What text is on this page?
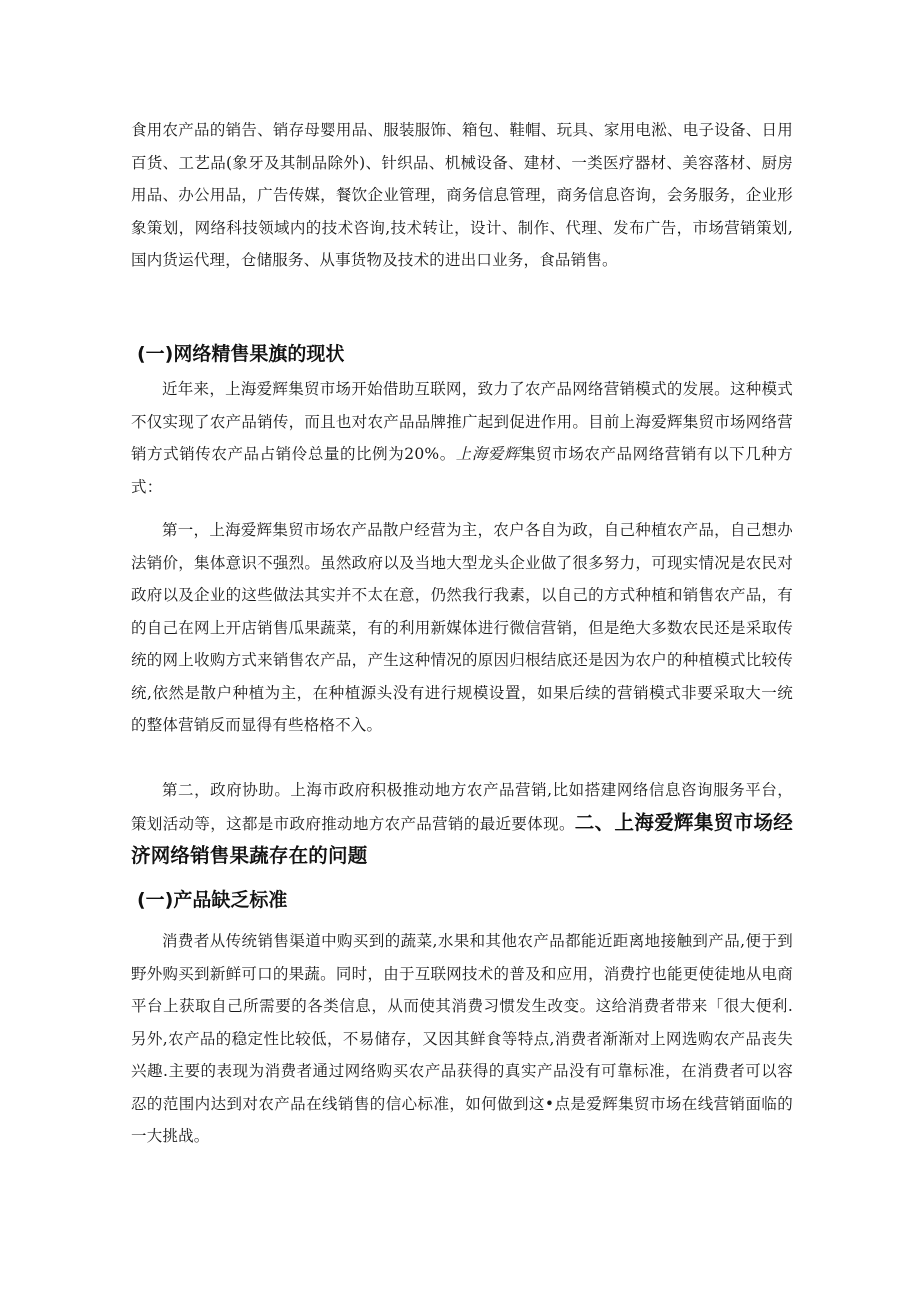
食用农产品的销告、销存母婴用品、服装服饰、箱包、鞋帽、玩具、家用电淞、电子设备、日用百货、工艺品(象牙及其制品除外)、针织品、机械设备、建材、一类医疗器材、美容落材、厨房用品、办公用品，广告传媒，餐饮企业管理，商务信息管理，商务信息咨询，会务服务，企业形象策划，网络科技领域内的技术咨询,技术转让，设计、制作、代理、发布广告，市场营销策划,国内货运代理，仓储服务、从事货物及技术的进出口业务，食品销售。

(一)网络精售果旗的现状

近年来，上海爱辉集贸市场开始借助互联网，致力了农产品网络营销模式的发展。这种模式不仅实现了农产品销传，而且也对农产品品牌推广起到促进作用。目前上海爱辉集贸市场网络营销方式销传农产品占销伶总量的比例为20%。上海爱辉集贸市场农产品网络营销有以下几种方式：

第一，上海爱辉集贸市场农产品散户经营为主，农户各自为政，自己种植农产品，自己想办法销价，集体意识不强烈。虽然政府以及当地大型龙头企业做了很多努力，可现实情况是农民对政府以及企业的这些做法其实并不太在意，仍然我行我素，以自己的方式种植和销售农产品，有的自己在网上开店销售瓜果蔬菜，有的利用新媒体进行微信营销，但是绝大多数农民还是采取传统的网上收购方式来销售农产品，产生这种情况的原因归根结底还是因为农户的种植模式比较传统,依然是散户种植为主，在种植源头没有进行规模设置，如果后续的营销模式非要采取大一统的整体营销反而显得有些格格不入。

第二，政府协助。上海市政府积极推动地方农产品营销,比如搭建网络信息咨询服务平台，策划活动等，这都是市政府推动地方农产品营销的最近要体现。二、上海爱辉集贸市场经济网络销售果蔬存在的问题

(一)产品缺乏标准

消费者从传统销售渠道中购买到的蔬菜,水果和其他农产品都能近距离地接触到产品,便于到野外购买到新鲜可口的果蔬。同时，由于互联网技术的普及和应用，消费拧也能更使徒地从电商平台上获取自己所需要的各类信息，从而使其消费习惯发生改变。这给消费者带来「很大便利.另外,农产品的稳定性比较低，不易储存，又因其鲜食等特点,消费者渐渐对上网选购农产品丧失兴趣.主要的表现为消费者通过网络购买农产品获得的真实产品没有可靠标准，在消费者可以容忍的范围内达到对农产品在线销售的信心标准，如何做到这•点是爱辉集贸市场在线营销面临的一大挑战。
